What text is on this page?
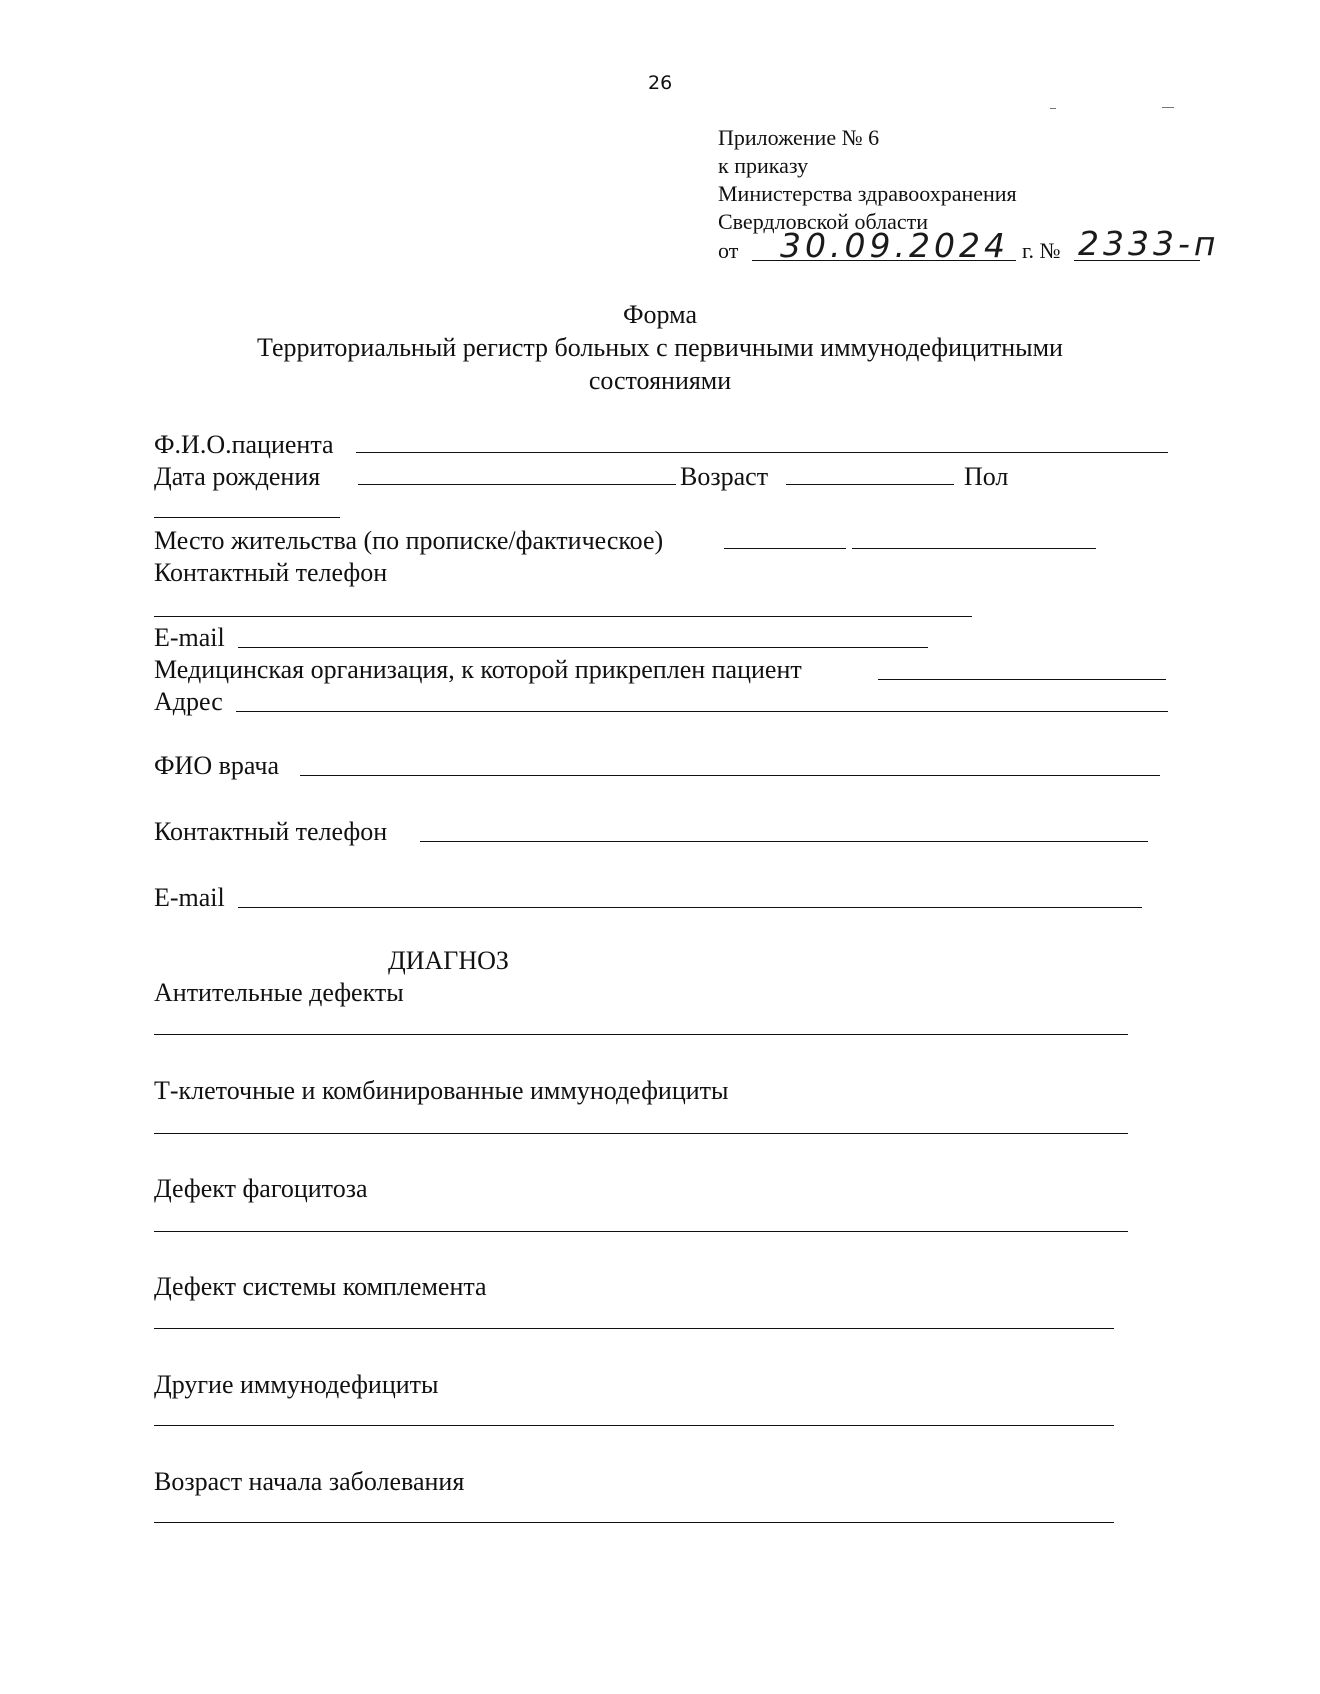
26
Приложение № 6
к приказу
Министерства здравоохранения
Свердловской области
от 30.09.2024 г. № 2333-п
Форма
Территориальный регистр больных с первичными иммунодефицитными
состояниями
Ф.И.О.пациента
Дата рождения	Возраст	Пол
Место жительства (по прописке/фактическое)
Контактный телефон
E-mail
Медицинская организация, к которой прикреплен пациент
Адрес
ФИО врача
Контактный телефон
E-mail
ДИАГНОЗ
Антительные дефекты
Т-клеточные и комбинированные иммунодефициты
Дефект фагоцитоза
Дефект системы комплемента
Другие иммунодефициты
Возраст начала заболевания
